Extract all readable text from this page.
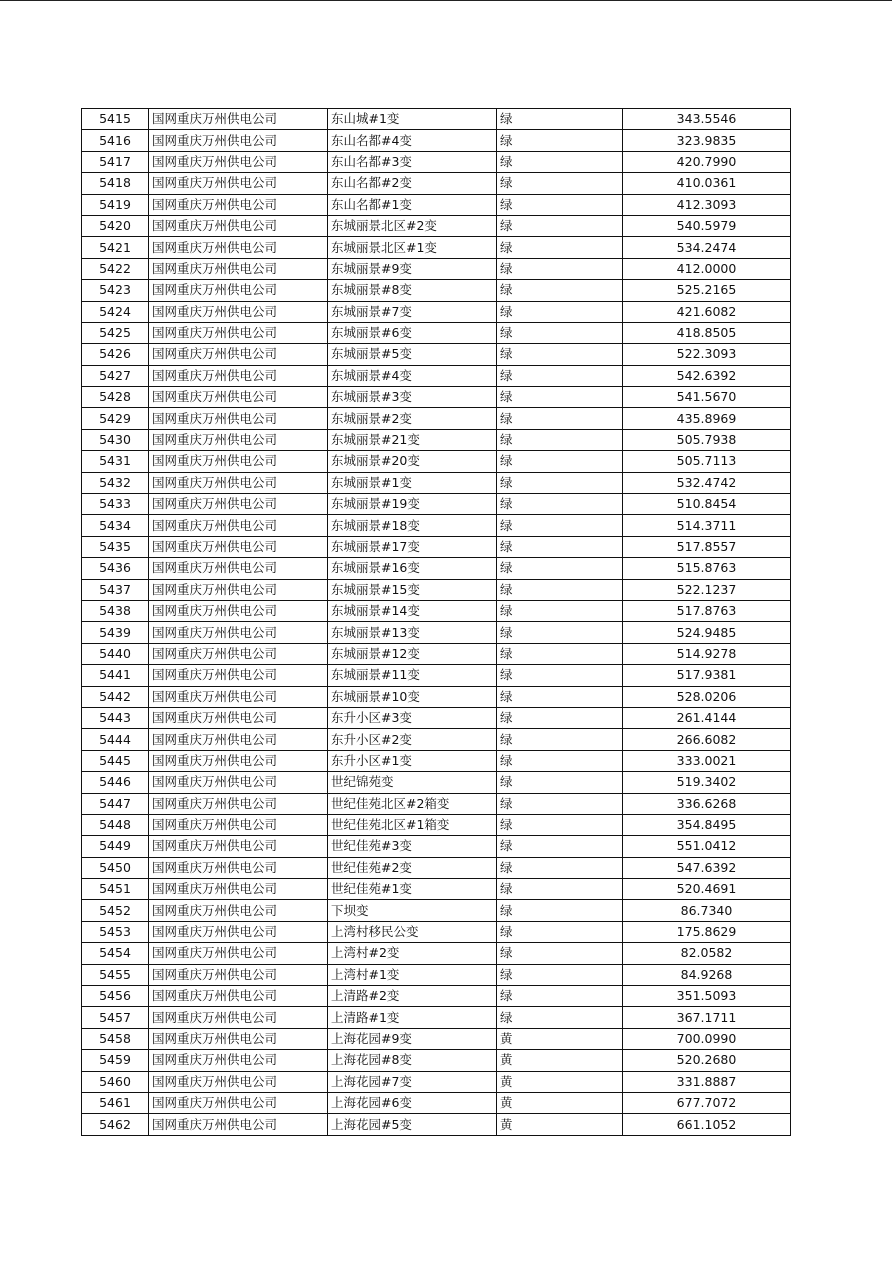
5415	国网重庆万州供电公司	东山城#1变	绿	343.5546
5416	国网重庆万州供电公司	东山名都#4变	绿	323.9835
5417	国网重庆万州供电公司	东山名都#3变	绿	420.7990
5418	国网重庆万州供电公司	东山名都#2变	绿	410.0361
5419	国网重庆万州供电公司	东山名都#1变	绿	412.3093
5420	国网重庆万州供电公司	东城丽景北区#2变	绿	540.5979
5421	国网重庆万州供电公司	东城丽景北区#1变	绿	534.2474
5422	国网重庆万州供电公司	东城丽景#9变	绿	412.0000
5423	国网重庆万州供电公司	东城丽景#8变	绿	525.2165
5424	国网重庆万州供电公司	东城丽景#7变	绿	421.6082
5425	国网重庆万州供电公司	东城丽景#6变	绿	418.8505
5426	国网重庆万州供电公司	东城丽景#5变	绿	522.3093
5427	国网重庆万州供电公司	东城丽景#4变	绿	542.6392
5428	国网重庆万州供电公司	东城丽景#3变	绿	541.5670
5429	国网重庆万州供电公司	东城丽景#2变	绿	435.8969
5430	国网重庆万州供电公司	东城丽景#21变	绿	505.7938
5431	国网重庆万州供电公司	东城丽景#20变	绿	505.7113
5432	国网重庆万州供电公司	东城丽景#1变	绿	532.4742
5433	国网重庆万州供电公司	东城丽景#19变	绿	510.8454
5434	国网重庆万州供电公司	东城丽景#18变	绿	514.3711
5435	国网重庆万州供电公司	东城丽景#17变	绿	517.8557
5436	国网重庆万州供电公司	东城丽景#16变	绿	515.8763
5437	国网重庆万州供电公司	东城丽景#15变	绿	522.1237
5438	国网重庆万州供电公司	东城丽景#14变	绿	517.8763
5439	国网重庆万州供电公司	东城丽景#13变	绿	524.9485
5440	国网重庆万州供电公司	东城丽景#12变	绿	514.9278
5441	国网重庆万州供电公司	东城丽景#11变	绿	517.9381
5442	国网重庆万州供电公司	东城丽景#10变	绿	528.0206
5443	国网重庆万州供电公司	东升小区#3变	绿	261.4144
5444	国网重庆万州供电公司	东升小区#2变	绿	266.6082
5445	国网重庆万州供电公司	东升小区#1变	绿	333.0021
5446	国网重庆万州供电公司	世纪锦苑变	绿	519.3402
5447	国网重庆万州供电公司	世纪佳苑北区#2箱变	绿	336.6268
5448	国网重庆万州供电公司	世纪佳苑北区#1箱变	绿	354.8495
5449	国网重庆万州供电公司	世纪佳苑#3变	绿	551.0412
5450	国网重庆万州供电公司	世纪佳苑#2变	绿	547.6392
5451	国网重庆万州供电公司	世纪佳苑#1变	绿	520.4691
5452	国网重庆万州供电公司	下坝变	绿	86.7340
5453	国网重庆万州供电公司	上湾村移民公变	绿	175.8629
5454	国网重庆万州供电公司	上湾村#2变	绿	82.0582
5455	国网重庆万州供电公司	上湾村#1变	绿	84.9268
5456	国网重庆万州供电公司	上清路#2变	绿	351.5093
5457	国网重庆万州供电公司	上清路#1变	绿	367.1711
5458	国网重庆万州供电公司	上海花园#9变	黄	700.0990
5459	国网重庆万州供电公司	上海花园#8变	黄	520.2680
5460	国网重庆万州供电公司	上海花园#7变	黄	331.8887
5461	国网重庆万州供电公司	上海花园#6变	黄	677.7072
5462	国网重庆万州供电公司	上海花园#5变	黄	661.1052
